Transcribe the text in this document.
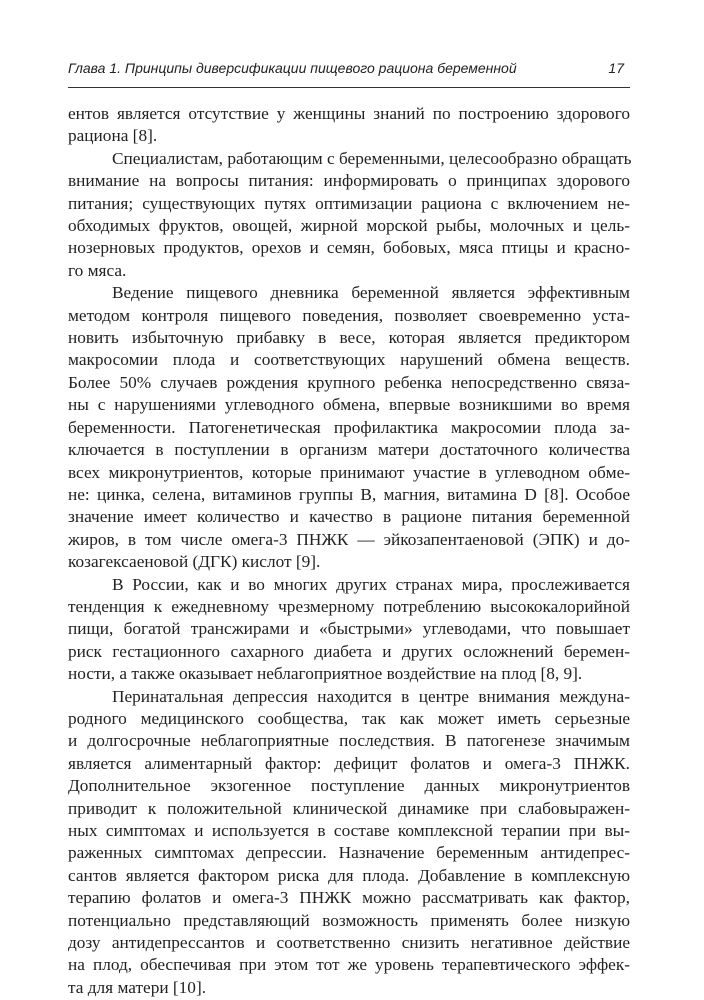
Глава 1. Принципы диверсификации пищевого рациона беременной	17
ентов является отсутствие у женщины знаний по построению здорового
рациона [8].
Специалистам, работающим с беременными, целесообразно обращать
внимание на вопросы питания: информировать о принципах здорового
питания; существующих путях оптимизации рациона с включением не-
обходимых фруктов, овощей, жирной морской рыбы, молочных и цель-
нозерновых продуктов, орехов и семян, бобовых, мяса птицы и красно-
го мяса.
Ведение пищевого дневника беременной является эффективным
методом контроля пищевого поведения, позволяет своевременно уста-
новить избыточную прибавку в весе, которая является предиктором
макросомии плода и соответствующих нарушений обмена веществ.
Более 50% случаев рождения крупного ребенка непосредственно связа-
ны с нарушениями углеводного обмена, впервые возникшими во время
беременности. Патогенетическая профилактика макросомии плода за-
ключается в поступлении в организм матери достаточного количества
всех микронутриентов, которые принимают участие в углеводном обме-
не: цинка, селена, витаминов группы В, магния, витамина D [8]. Особое
значение имеет количество и качество в рационе питания беременной
жиров, в том числе омега-3 ПНЖК — эйкозапентаеновой (ЭПК) и до-
козагексаеновой (ДГК) кислот [9].
В России, как и во многих других странах мира, прослеживается
тенденция к ежедневному чрезмерному потреблению высококалорийной
пищи, богатой трансжирами и «быстрыми» углеводами, что повышает
риск гестационного сахарного диабета и других осложнений беремен-
ности, а также оказывает неблагоприятное воздействие на плод [8, 9].
Перинатальная депрессия находится в центре внимания междуна-
родного медицинского сообщества, так как может иметь серьезные
и долгосрочные неблагоприятные последствия. В патогенезе значимым
является алиментарный фактор: дефицит фолатов и омега-3 ПНЖК.
Дополнительное экзогенное поступление данных микронутриентов
приводит к положительной клинической динамике при слабовыражен-
ных симптомах и используется в составе комплексной терапии при вы-
раженных симптомах депрессии. Назначение беременным антидепрес-
сантов является фактором риска для плода. Добавление в комплексную
терапию фолатов и омега-3 ПНЖК можно рассматривать как фактор,
потенциально представляющий возможность применять более низкую
дозу антидепрессантов и соответственно снизить негативное действие
на плод, обеспечивая при этом тот же уровень терапевтического эффек-
та для матери [10].
